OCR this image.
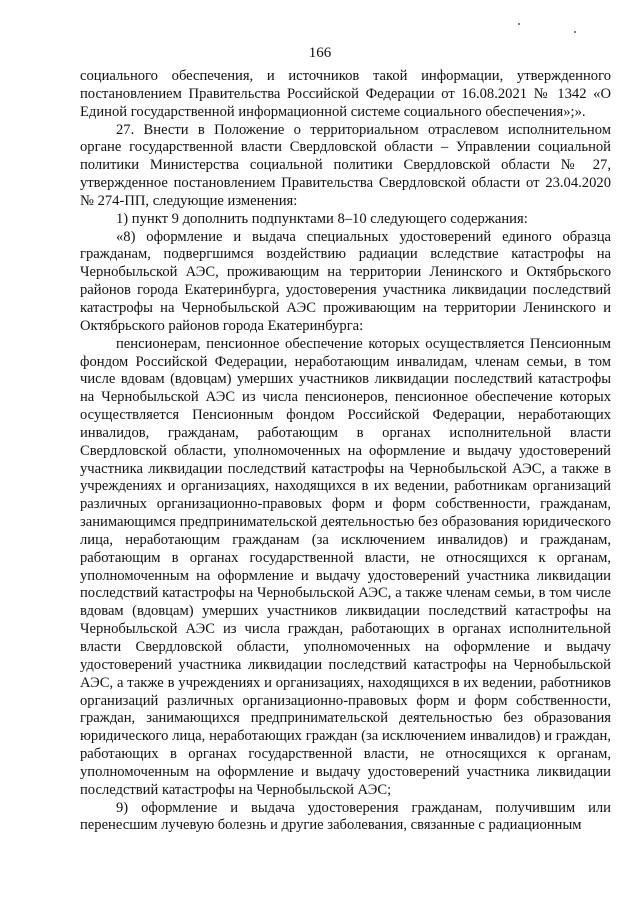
166

социального обеспечения, и источников такой информации, утвержденного постановлением Правительства Российской Федерации от 16.08.2021 № 1342 «О Единой государственной информационной системе социального обеспечения»;».

27. Внести в Положение о территориальном отраслевом исполнительном органе государственной власти Свердловской области – Управлении социальной политики Министерства социальной политики Свердловской области № 27, утвержденное постановлением Правительства Свердловской области от 23.04.2020 № 274-ПП, следующие изменения:

1) пункт 9 дополнить подпунктами 8–10 следующего содержания:

«8) оформление и выдача специальных удостоверений единого образца гражданам, подвергшимся воздействию радиации вследствие катастрофы на Чернобыльской АЭС, проживающим на территории Ленинского и Октябрьского районов города Екатеринбурга, удостоверения участника ликвидации последствий катастрофы на Чернобыльской АЭС проживающим на территории Ленинского и Октябрьского районов города Екатеринбурга:

пенсионерам, пенсионное обеспечение которых осуществляется Пенсионным фондом Российской Федерации, неработающим инвалидам, членам семьи, в том числе вдовам (вдовцам) умерших участников ликвидации последствий катастрофы на Чернобыльской АЭС из числа пенсионеров, пенсионное обеспечение которых осуществляется Пенсионным фондом Российской Федерации, неработающих инвалидов, гражданам, работающим в органах исполнительной власти Свердловской области, уполномоченных на оформление и выдачу удостоверений участника ликвидации последствий катастрофы на Чернобыльской АЭС, а также в учреждениях и организациях, находящихся в их ведении, работникам организаций различных организационно-правовых форм и форм собственности, гражданам, занимающимся предпринимательской деятельностью без образования юридического лица, неработающим гражданам (за исключением инвалидов) и гражданам, работающим в органах государственной власти, не относящихся к органам, уполномоченным на оформление и выдачу удостоверений участника ликвидации последствий катастрофы на Чернобыльской АЭС, а также членам семьи, в том числе вдовам (вдовцам) умерших участников ликвидации последствий катастрофы на Чернобыльской АЭС из числа граждан, работающих в органах исполнительной власти Свердловской области, уполномоченных на оформление и выдачу удостоверений участника ликвидации последствий катастрофы на Чернобыльской АЭС, а также в учреждениях и организациях, находящихся в их ведении, работников организаций различных организационно-правовых форм и форм собственности, граждан, занимающихся предпринимательской деятельностью без образования юридического лица, неработающих граждан (за исключением инвалидов) и граждан, работающих в органах государственной власти, не относящихся к органам, уполномоченным на оформление и выдачу удостоверений участника ликвидации последствий катастрофы на Чернобыльской АЭС;

9) оформление и выдача удостоверения гражданам, получившим или перенесшим лучевую болезнь и другие заболевания, связанные с радиационным
